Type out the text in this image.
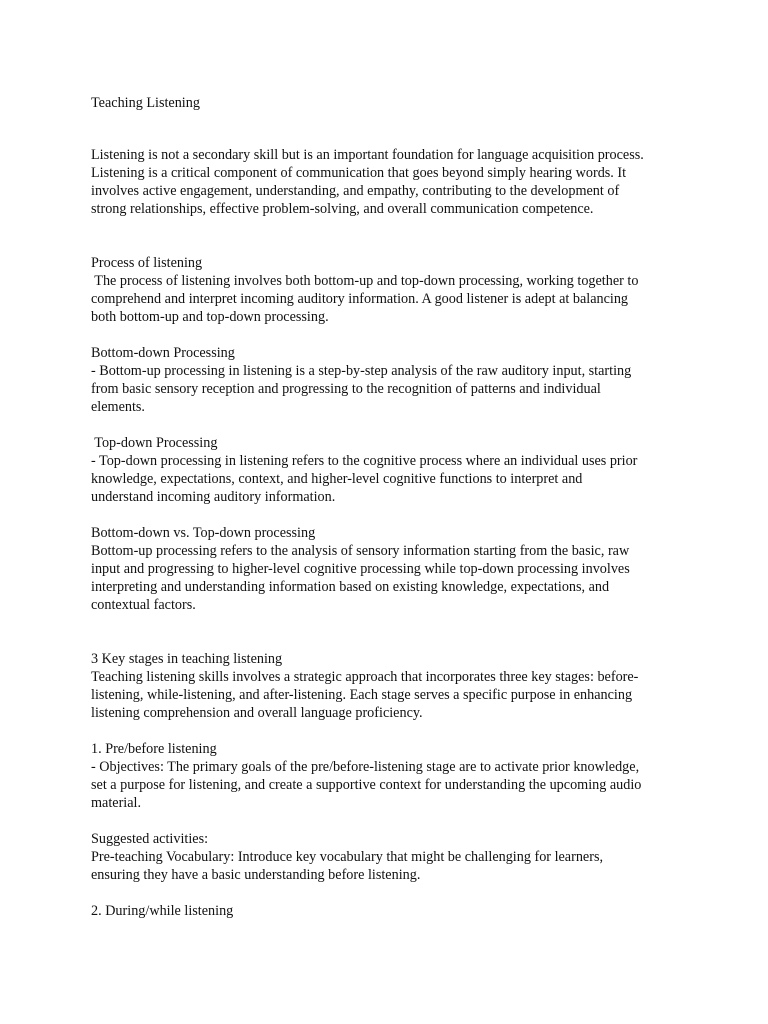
Teaching Listening
Listening is not a secondary skill but is an important foundation for language acquisition process.
Listening is a critical component of communication that goes beyond simply hearing words. It
involves active engagement, understanding, and empathy, contributing to the development of
strong relationships, effective problem-solving, and overall communication competence.
Process of listening
The process of listening involves both bottom-up and top-down processing, working together to
comprehend and interpret incoming auditory information. A good listener is adept at balancing
both bottom-up and top-down processing.
Bottom-down Processing
- Bottom-up processing in listening is a step-by-step analysis of the raw auditory input, starting
from basic sensory reception and progressing to the recognition of patterns and individual
elements.
Top-down Processing
- Top-down processing in listening refers to the cognitive process where an individual uses prior
knowledge, expectations, context, and higher-level cognitive functions to interpret and
understand incoming auditory information.
Bottom-down vs. Top-down processing
Bottom-up processing refers to the analysis of sensory information starting from the basic, raw
input and progressing to higher-level cognitive processing while top-down processing involves
interpreting and understanding information based on existing knowledge, expectations, and
contextual factors.
3 Key stages in teaching listening
Teaching listening skills involves a strategic approach that incorporates three key stages: before-
listening, while-listening, and after-listening. Each stage serves a specific purpose in enhancing
listening comprehension and overall language proficiency.
1. Pre/before listening
- Objectives: The primary goals of the pre/before-listening stage are to activate prior knowledge,
set a purpose for listening, and create a supportive context for understanding the upcoming audio
material.
Suggested activities:
Pre-teaching Vocabulary: Introduce key vocabulary that might be challenging for learners,
ensuring they have a basic understanding before listening.
2. During/while listening
